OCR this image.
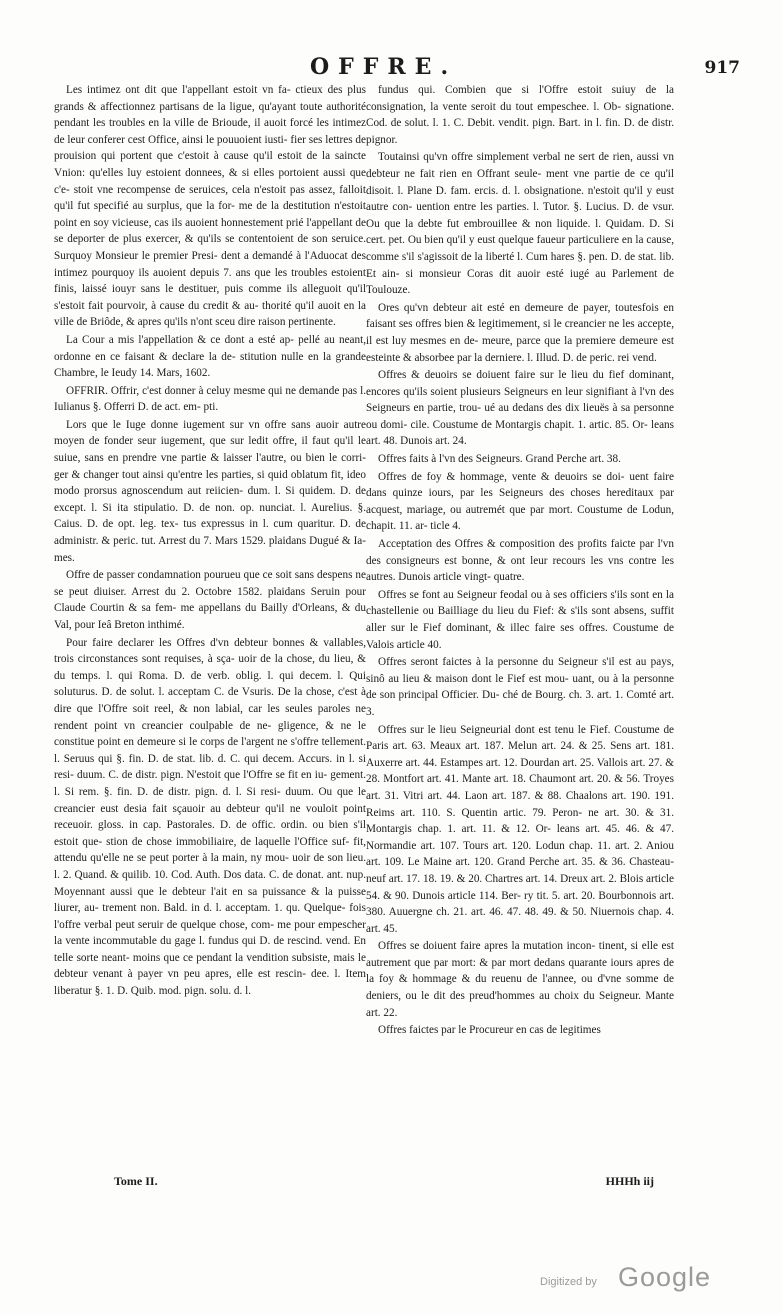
OFFRE.	917

Les intimez ont dit que l'appellant estoit vn fa- ctieux des plus grands & affectionnez partisans de la ligue, qu'ayant toute authorité pendant les troubles en la ville de Brioude, il auoit forcé les intimez de leur conferer cest Office, ainsi le pouuoient iusti- fier ses lettres de prouision qui portent que c'estoit à cause qu'il estoit de la saincte Vnion: qu'elles luy estoient donnees, & si elles portoient aussi que c'e- stoit vne recompense de seruices, cela n'estoit pas assez, falloit qu'il fut specifié au surplus, que la for- me de la destitution n'estoit point en soy vicieuse, cas ils auoient honnestement prié l'appellant de se deporter de plus exercer, & qu'ils se contentoient de son seruice. Surquoy Monsieur le premier Presi- dent a demandé à l'Aduocat des intimez pourquoy ils auoient depuis 7. ans que les troubles estoient finis, laissé iouyr sans le destituer, puis comme ils alleguoit qu'il s'estoit fait pourvoir, à cause du credit & au- thorité qu'il auoit en la ville de Briôde, & apres qu'ils n'ont sceu dire raison pertinente.

La Cour a mis l'appellation & ce dont a esté ap- pellé au neant, ordonne en ce faisant & declare la de- stitution nulle en la grande Chambre, le Ieudy 14. Mars, 1602.

OFFRIR. Offrir, c'est donner à celuy mesme qui ne demande pas l. Iulianus §. Offerri D. de act. em- pti.

Lors que le Iuge donne iugement sur vn offre sans auoir autre moyen de fonder seur iugement, que sur ledit offre, il faut qu'il le suiue, sans en prendre vne partie & laisser l'autre, ou bien le corri- ger & changer tout ainsi qu'entre les parties, si quid oblatum fit, ideo modo prorsus agnoscendum aut reiicien- dum. l. Si quidem. D. de except. l. Si ita stipulatio. D. de non. op. nunciat. l. Aurelius. §. Caius. D. de opt. leg. tex- tus expressus in l. cum quaritur. D. de administr. & peric. tut. Arrest du 7. Mars 1529. plaidans Dugué & Ia- mes.

Offre de passer condamnation pourueu que ce soit sans despens ne se peut diuiser. Arrest du 2. Octobre 1582. plaidans Seruin pour Claude Courtin & sa fem- me appellans du Bailly d'Orleans, & du Val, pour Ieâ Breton inthimé.

Pour faire declarer les Offres d'vn debteur bonnes & vallables, trois circonstances sont requises, à sça- uoir de la chose, du lieu, & du temps. l. qui Roma. D. de verb. oblig. l. qui decem. l. Qui soluturus. D. de solut. l. acceptam C. de Vsuris. De la chose, c'est à dire que l'Offre soit reel, & non labial, car les seules paroles ne rendent point vn creancier coulpable de ne- gligence, & ne le constitue point en demeure si le corps de l'argent ne s'offre tellement. l. Seruus qui §. fin. D. de stat. lib. d. C. qui decem. Accurs. in l. si resi- duum. C. de distr. pign. N'estoit que l'Offre se fit en iu- gement. l. Si rem. §. fin. D. de distr. pign. d. l. Si resi- duum. Ou que le creancier eust desia fait sçauoir au debteur qu'il ne vouloit point receuoir. gloss. in cap. Pastorales. D. de offic. ordin. ou bien s'il estoit que- stion de chose immobiliaire, de laquelle l'Office suf- fit, attendu qu'elle ne se peut porter à la main, ny mou- uoir de son lieu. l. 2. Quand. & quilib. 10. Cod. Auth. Dos data. C. de donat. ant. nup. Moyennant aussi que le debteur l'ait en sa puissance & la puisse liurer, au- trement non. Bald. in d. l. acceptam. 1. qu. Quelque- fois l'offre verbal peut seruir de quelque chose, com- me pour empescher la vente incommutable du gage l. fundus qui D. de rescind. vend. En telle sorte neant- moins que ce pendant la vendition subsiste, mais le debteur venant à payer vn peu apres, elle est rescin- dee. l. Item liberatur §. 1. D. Quib. mod. pign. solu. d. l.

fundus qui. Combien que si l'Offre estoit suiuy de la consignation, la vente seroit du tout empeschee. l. Ob- signatione. Cod. de solut. l. 1. C. Debit. vendit. pign. Bart. in l. fin. D. de distr. pignor.

Toutainsi qu'vn offre simplement verbal ne sert de rien, aussi vn debteur ne fait rien en Offrant seule- ment vne partie de ce qu'il disoit. l. Plane D. fam. ercis. d. l. obsignatione. n'estoit qu'il y eust autre con- uention entre les parties. l. Tutor. §. Lucius. D. de vsur. Ou que la debte fut embrouillee & non liquide. l. Quidam. D. Si cert. pet. Ou bien qu'il y eust quelque faueur particuliere en la cause, comme s'il s'agissoit de la liberté l. Cum hares §. pen. D. de stat. lib. Et ain- si monsieur Coras dit auoir esté iugé au Parlement de Toulouze.

Ores qu'vn debteur ait esté en demeure de payer, toutesfois en faisant ses offres bien & legitimement, si le creancier ne les accepte, il est luy mesmes en de- meure, parce que la premiere demeure est esteinte & absorbee par la derniere. l. Illud. D. de peric. rei vend.

Offres & deuoirs se doiuent faire sur le lieu du fief dominant, encores qu'ils soient plusieurs Seigneurs en leur signifiant à l'vn des Seigneurs en partie, trou- ué au dedans des dix lieuës à sa personne ou domi- cile. Coustume de Montargis chapit. 1. artic. 85. Or- leans art. 48. Dunois art. 24.

Offres faits à l'vn des Seigneurs. Grand Perche art. 38.

Offres de foy & hommage, vente & deuoirs se doi- uent faire dans quinze iours, par les Seigneurs des choses hereditaux par acquest, mariage, ou autremét que par mort. Coustume de Lodun, chapit. 11. ar- ticle 4.

Acceptation des Offres & composition des profits faicte par l'vn des consigneurs est bonne, & ont leur recours les vns contre les autres. Dunois article vingt- quatre.

Offres se font au Seigneur feodal ou à ses officiers s'ils sont en la chastellenie ou Bailliage du lieu du Fief: & s'ils sont absens, suffit aller sur le Fief dominant, & illec faire ses offres. Coustume de Valois article 40.

Offres seront faictes à la personne du Seigneur s'il est au pays, sinô au lieu & maison dont le Fief est mou- uant, ou à la personne de son principal Officier. Du- ché de Bourg. ch. 3. art. 1. Comté art. 3.

Offres sur le lieu Seigneurial dont est tenu le Fief. Coustume de Paris art. 63. Meaux art. 187. Melun art. 24. & 25. Sens art. 181. Auxerre art. 44. Estampes art. 12. Dourdan art. 25. Vallois art. 27. & 28. Montfort art. 41. Mante art. 18. Chaumont art. 20. & 56. Troyes art. 31. Vitri art. 44. Laon art. 187. & 88. Chaalons art. 190. 191. Reims art. 110. S. Quentin artic. 79. Peron- ne art. 30. & 31. Montargis chap. 1. art. 11. & 12. Or- leans art. 45. 46. & 47. Normandie art. 107. Tours art. 120. Lodun chap. 11. art. 2. Aniou art. 109. Le Maine art. 120. Grand Perche art. 35. & 36. Chasteau- neuf art. 17. 18. 19. & 20. Chartres art. 14. Dreux art. 2. Blois article 54. & 90. Dunois article 114. Ber- ry tit. 5. art. 20. Bourbonnois art. 380. Auuergne ch. 21. art. 46. 47. 48. 49. & 50. Niuernois chap. 4. art. 45.

Offres se doiuent faire apres la mutation incon- tinent, si elle est autrement que par mort: & par mort dedans quarante iours apres de la foy & hommage & du reuenu de l'annee, ou d'vne somme de deniers, ou le dit des preud'hommes au choix du Seigneur. Mante art. 22.

Offres faictes par le Procureur en cas de legitimes

Tome II.	HHHh iij
Digitized by Google
